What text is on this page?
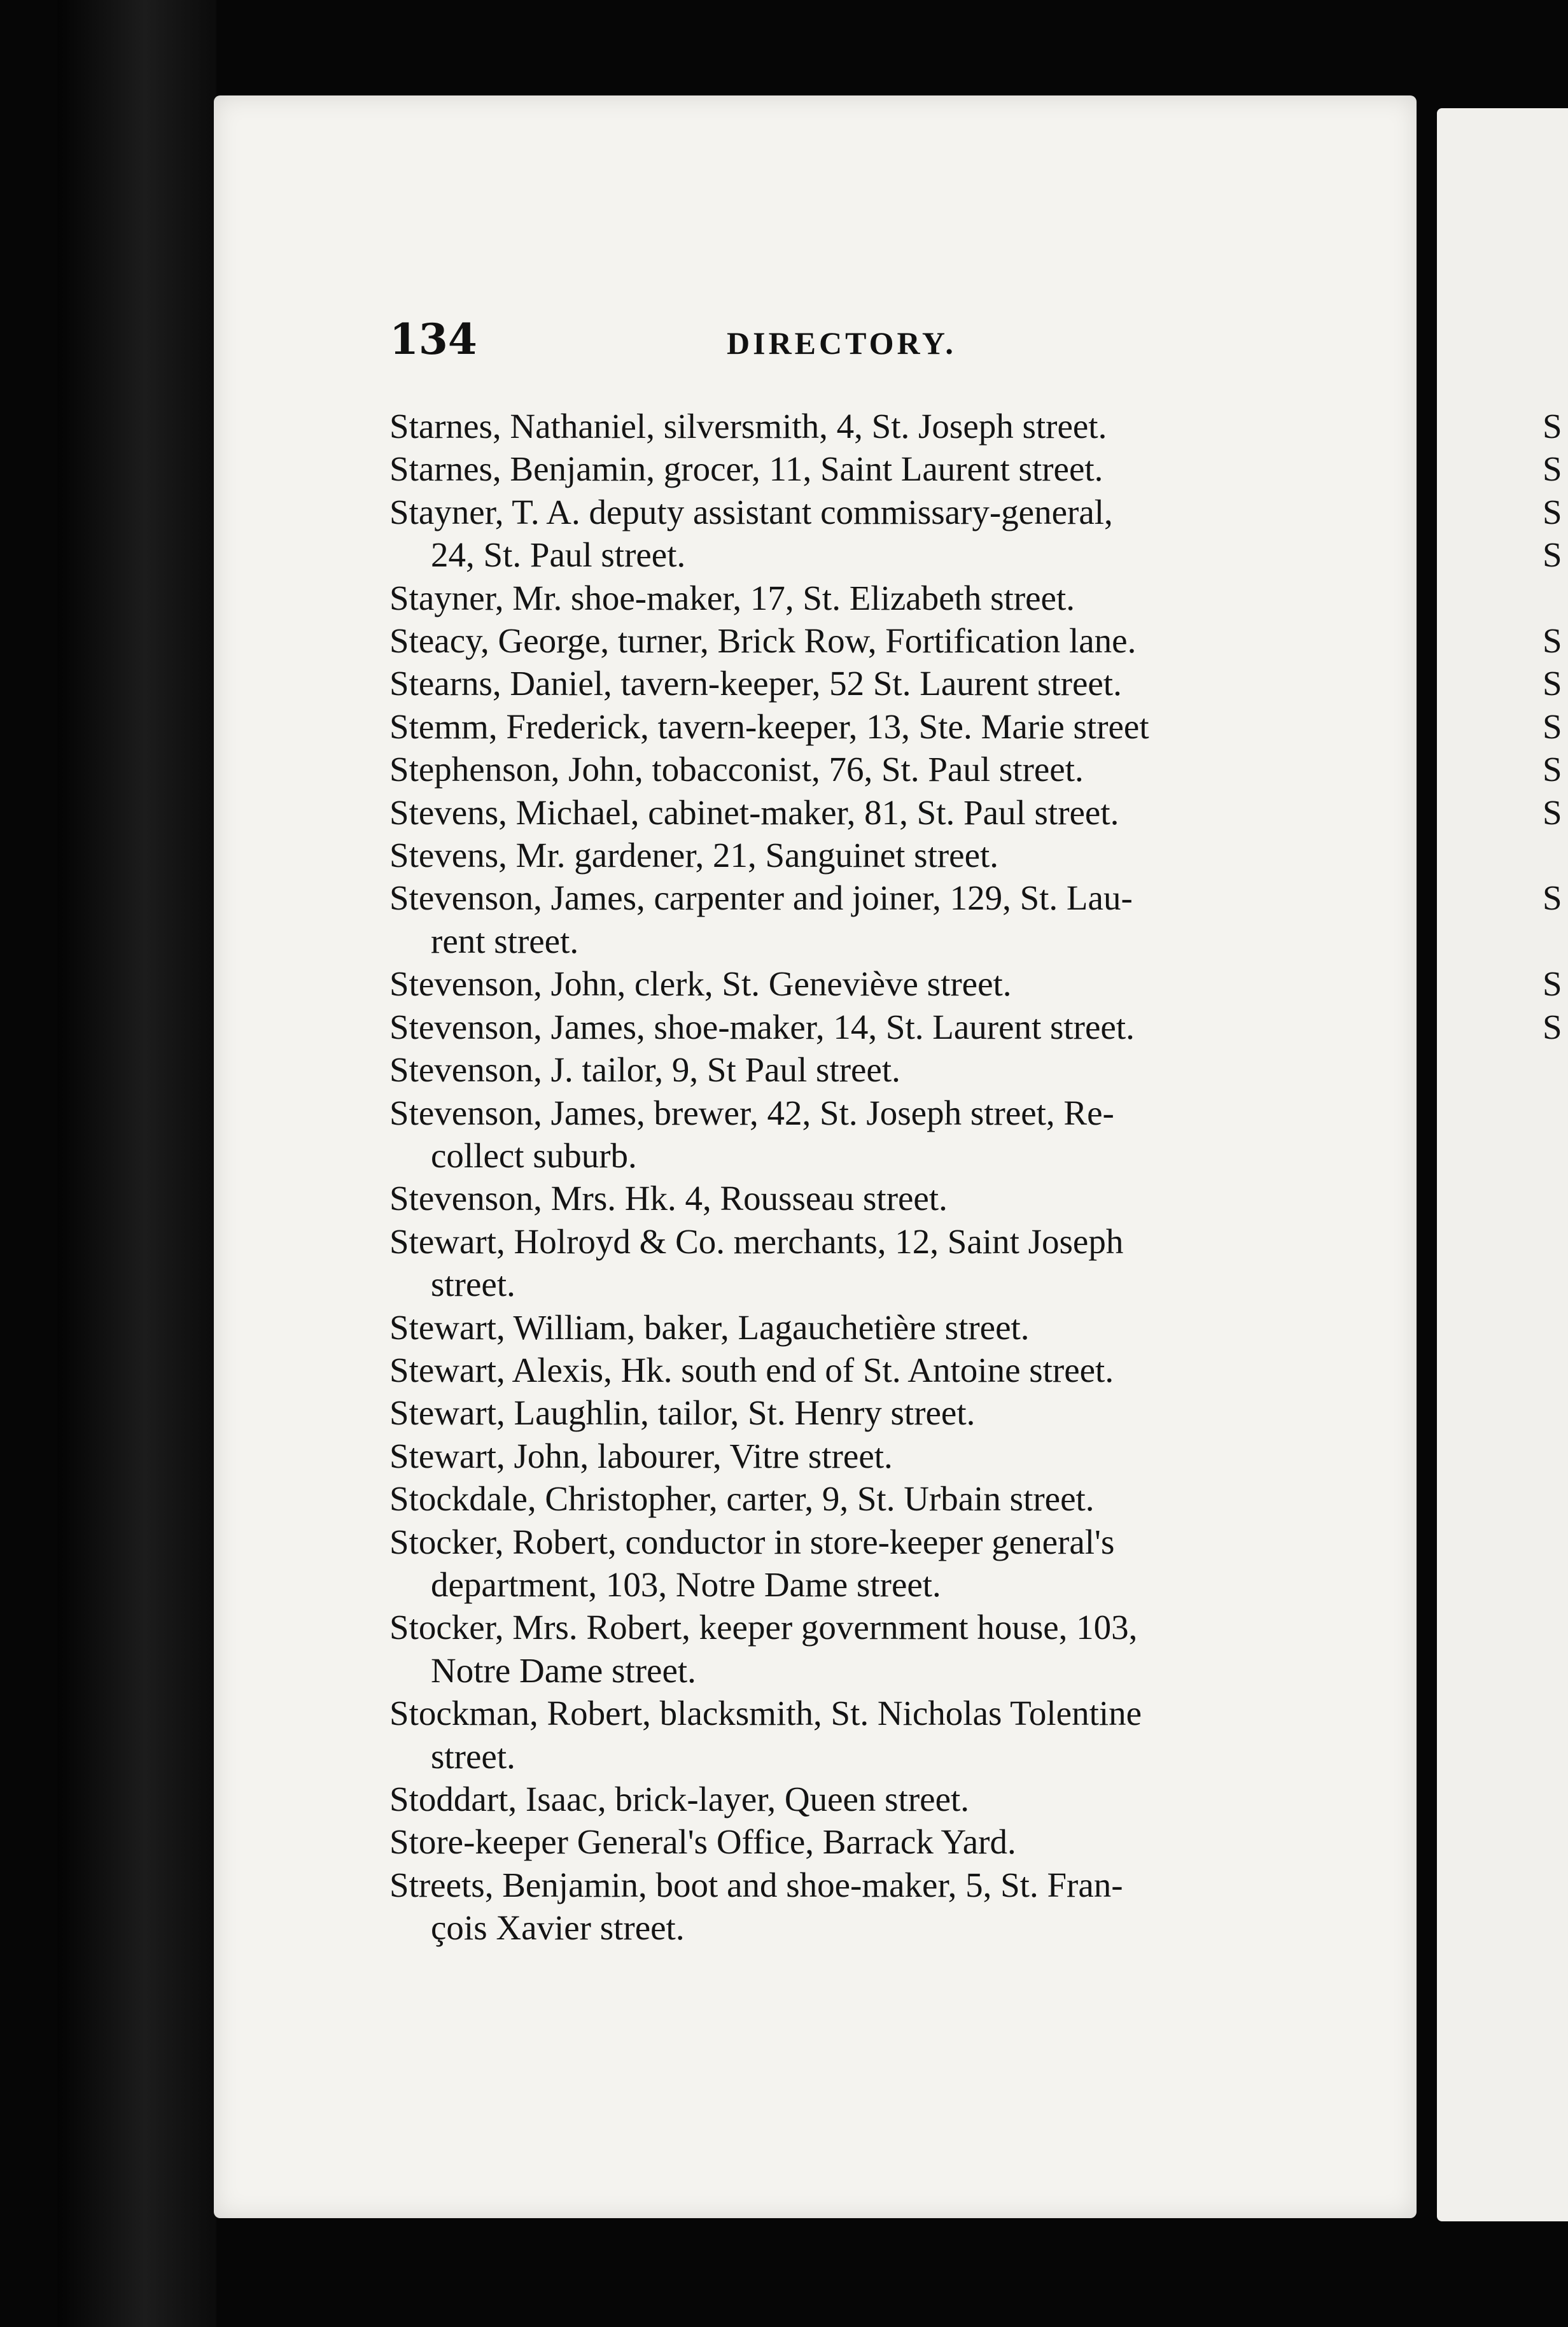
134	DIRECTORY.
Starnes, Nathaniel, silversmith, 4, St. Joseph street.
Starnes, Benjamin, grocer, 11, Saint Laurent street.
Stayner, T. A. deputy assistant commissary-general,
24, St. Paul street.
Stayner, Mr. shoe-maker, 17, St. Elizabeth street.
Steacy, George, turner, Brick Row, Fortification lane.
Stearns, Daniel, tavern-keeper, 52 St. Laurent street.
Stemm, Frederick, tavern-keeper, 13, Ste. Marie street
Stephenson, John, tobacconist, 76, St. Paul street.
Stevens, Michael, cabinet-maker, 81, St. Paul street.
Stevens, Mr. gardener, 21, Sanguinet street.
Stevenson, James, carpenter and joiner, 129, St. Lau-
rent street.
Stevenson, John, clerk, St. Geneviève street.
Stevenson, James, shoe-maker, 14, St. Laurent street.
Stevenson, J. tailor, 9, St Paul street.
Stevenson, James, brewer, 42, St. Joseph street, Re-
collect suburb.
Stevenson, Mrs. Hk. 4, Rousseau street.
Stewart, Holroyd & Co. merchants, 12, Saint Joseph
street.
Stewart, William, baker, Lagauchetière street.
Stewart, Alexis, Hk. south end of St. Antoine street.
Stewart, Laughlin, tailor, St. Henry street.
Stewart, John, labourer, Vitre street.
Stockdale, Christopher, carter, 9, St. Urbain street.
Stocker, Robert, conductor in store-keeper general's
department, 103, Notre Dame street.
Stocker, Mrs. Robert, keeper government house, 103,
Notre Dame street.
Stockman, Robert, blacksmith, St. Nicholas Tolentine
street.
Stoddart, Isaac, brick-layer, Queen street.
Store-keeper General's Office, Barrack Yard.
Streets, Benjamin, boot and shoe-maker, 5, St. Fran-
çois Xavier street.
S
S
S
S

S
S
S
S
S

S

S
S
